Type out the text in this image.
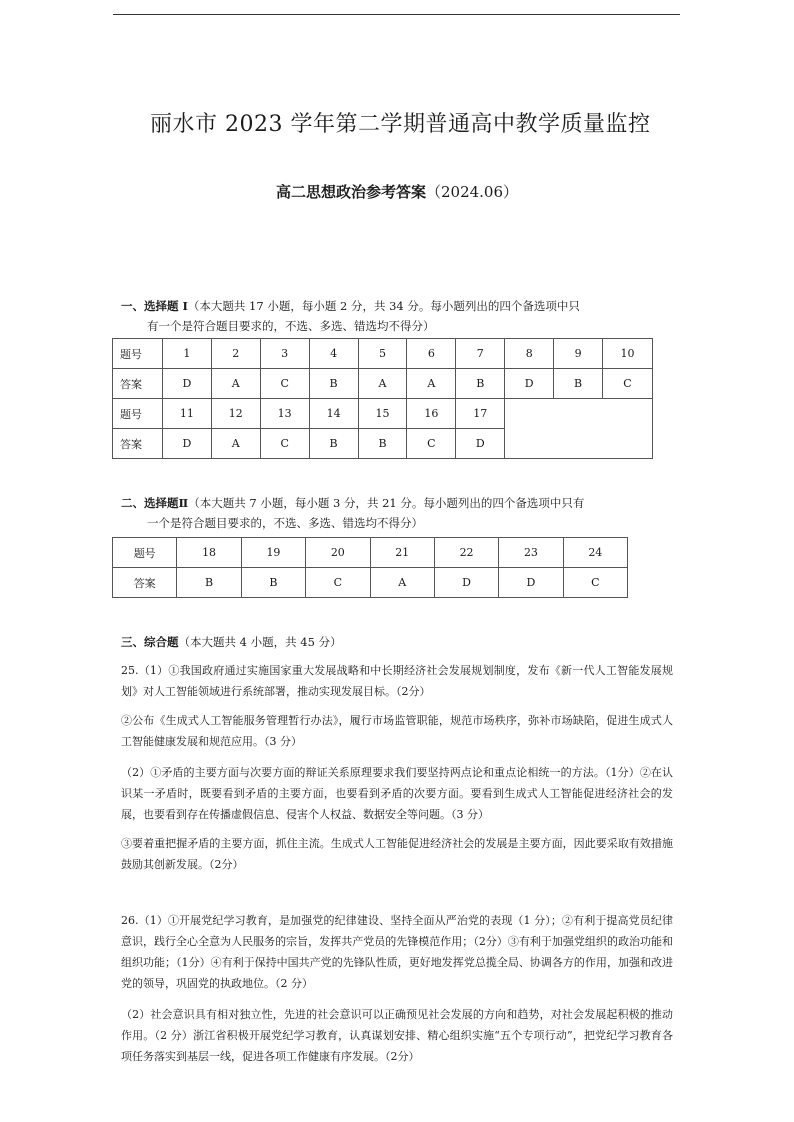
丽水市 2023 学年第二学期普通高中教学质量监控
高二思想政治参考答案（2024.06）
一、选择题 I（本大题共 17 小题，每小题 2 分，共 34 分。每小题列出的四个备选项中只
有一个是符合题目要求的，不选、多选、错选均不得分）
题号	1	2	3	4	5	6	7	8	9	10
答案	D	A	C	B	A	A	B	D	B	C
题号	11	12	13	14	15	16	17			
答案	D	A	C	B	B	C	D			
二、选择题Ⅱ（本大题共 7 小题，每小题 3 分，共 21 分。每小题列出的四个备选项中只有
一个是符合题目要求的，不选、多选、错选均不得分）
题号	18	19	20	21	22	23	24
答案	B	B	C	A	D	D	C
三、综合题（本大题共 4 小题，共 45 分）
25.（1）①我国政府通过实施国家重大发展战略和中长期经济社会发展规划制度，发布《新一代人工智能发展规划》对人工智能领域进行系统部署，推动实现发展目标。（2分）
②公布《生成式人工智能服务管理暂行办法》，履行市场监管职能，规范市场秩序，弥补市场缺陷，促进生成式人工智能健康发展和规范应用。（3 分）
（2）①矛盾的主要方面与次要方面的辩证关系原理要求我们要坚持两点论和重点论相统一的方法。（1分）②在认识某一矛盾时，既要看到矛盾的主要方面，也要看到矛盾的次要方面。要看到生成式人工智能促进经济社会的发展，也要看到存在传播虚假信息、侵害个人权益、数据安全等问题。（3 分）
③要着重把握矛盾的主要方面，抓住主流。生成式人工智能促进经济社会的发展是主要方面，因此要采取有效措施鼓励其创新发展。（2分）
26.（1）①开展党纪学习教育，是加强党的纪律建设、坚持全面从严治党的表现（1 分）；②有利于提高党员纪律意识，践行全心全意为人民服务的宗旨，发挥共产党员的先锋模范作用；（2分）③有利于加强党组织的政治功能和组织功能；（1分）④有利于保持中国共产党的先锋队性质，更好地发挥党总揽全局、协调各方的作用，加强和改进党的领导，巩固党的执政地位。（2 分）
（2）社会意识具有相对独立性，先进的社会意识可以正确预见社会发展的方向和趋势，对社会发展起积极的推动作用。（2 分）浙江省积极开展党纪学习教育，认真谋划安排、精心组织实施“五个专项行动”，把党纪学习教育各项任务落实到基层一线，促进各项工作健康有序发展。（2分）
